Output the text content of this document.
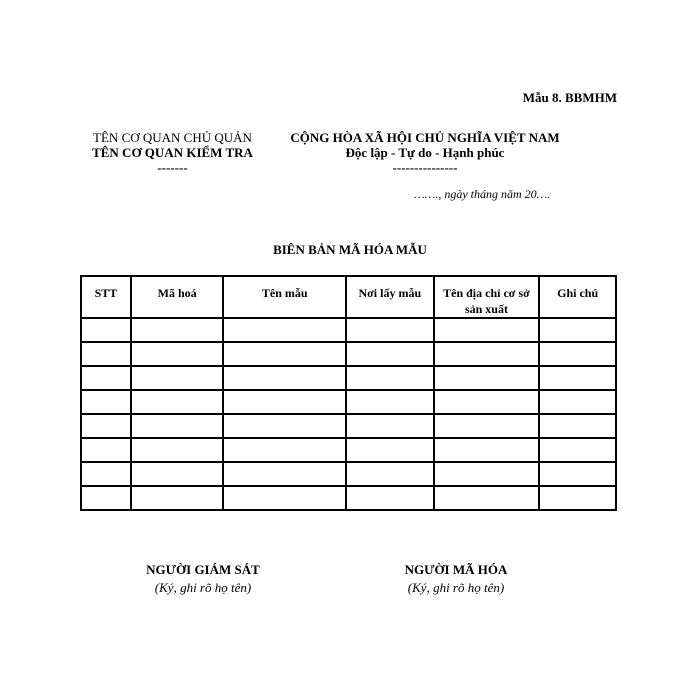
Mẫu 8. BBMHM
TÊN CƠ QUAN CHỦ QUẢN
TÊN CƠ QUAN KIỂM TRA
-------
CỘNG HÒA XÃ HỘI CHỦ NGHĨA VIỆT NAM
Độc lập - Tự do - Hạnh phúc
---------------
……., ngày tháng năm 20….
BIÊN BẢN MÃ HÓA MẪU
STT	Mã hoá	Tên mẫu	Nơi lấy mẫu	Tên địa chỉ cơ sở sản xuất	Ghi chú

NGƯỜI GIÁM SÁT
(Ký, ghi rõ họ tên)
NGƯỜI MÃ HÓA
(Ký, ghi rõ họ tên)
